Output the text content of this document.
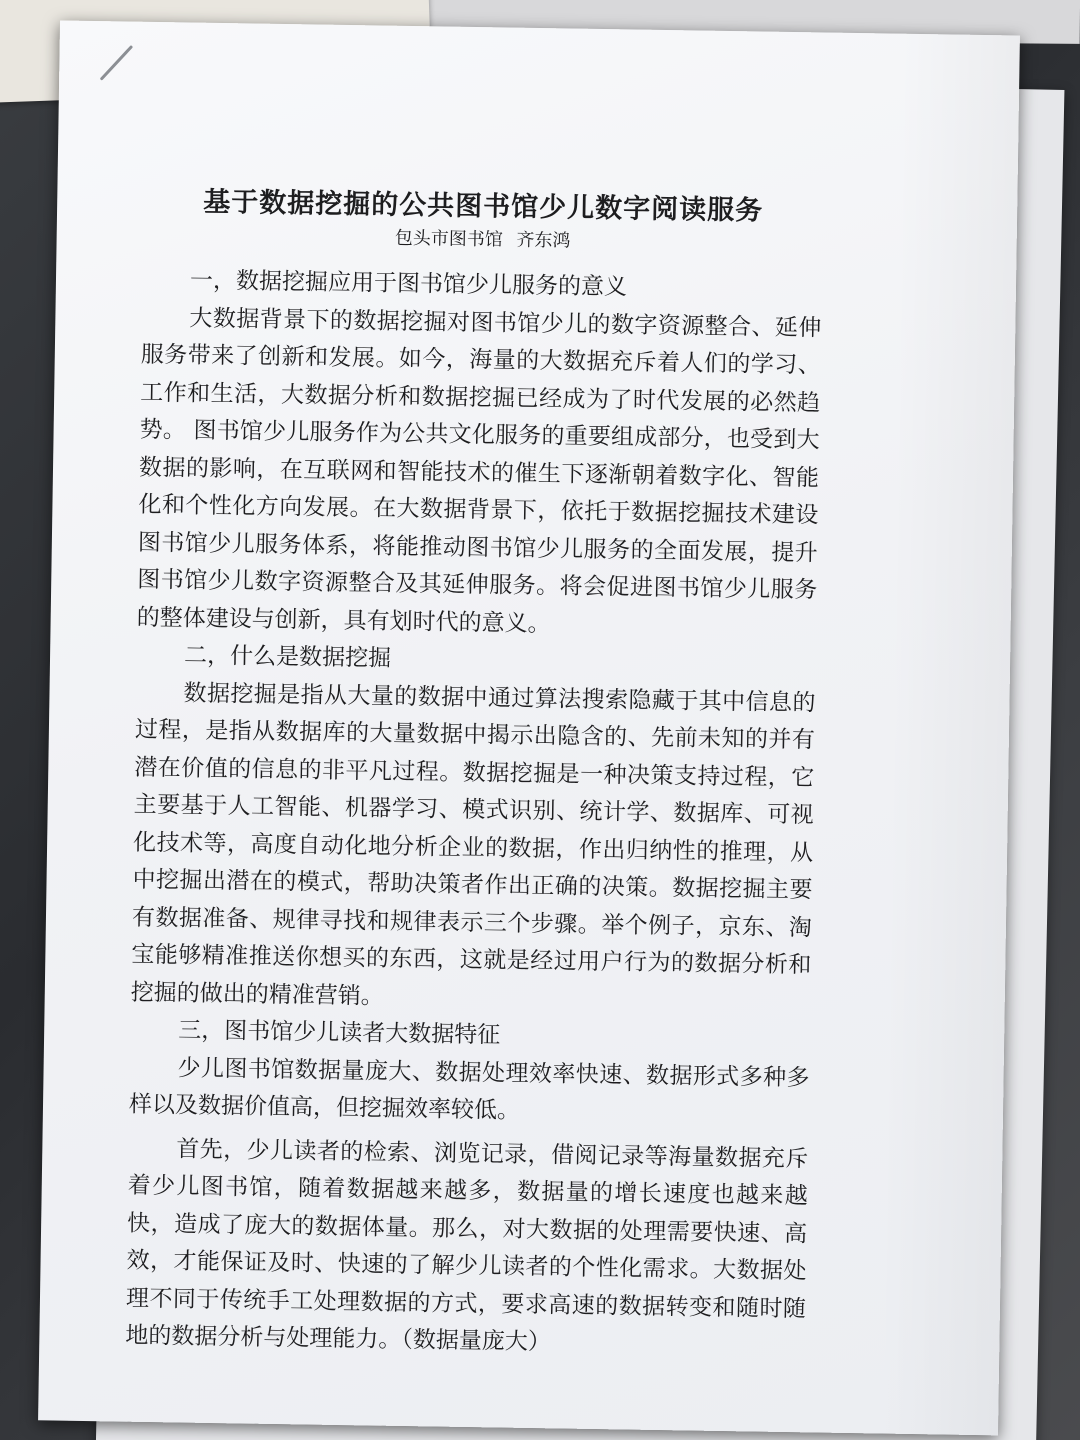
基于数据挖掘的公共图书馆少儿数字阅读服务

包头市图书馆 齐东鸿

一，数据挖掘应用于图书馆少儿服务的意义

大数据背景下的数据挖掘对图书馆少儿的数字资源整合、延伸服务带来了创新和发展。如今，海量的大数据充斥着人们的学习、工作和生活，大数据分析和数据挖掘已经成为了时代发展的必然趋势。 图书馆少儿服务作为公共文化服务的重要组成部分，也受到大数据的影响，在互联网和智能技术的催生下逐渐朝着数字化、智能化和个性化方向发展。在大数据背景下，依托于数据挖掘技术建设图书馆少儿服务体系，将能推动图书馆少儿服务的全面发展，提升图书馆少儿数字资源整合及其延伸服务。将会促进图书馆少儿服务的整体建设与创新，具有划时代的意义。

二，什么是数据挖掘

数据挖掘是指从大量的数据中通过算法搜索隐藏于其中信息的过程，是指从数据库的大量数据中揭示出隐含的、先前未知的并有潜在价值的信息的非平凡过程。数据挖掘是一种决策支持过程，它主要基于人工智能、机器学习、模式识别、统计学、数据库、可视化技术等，高度自动化地分析企业的数据，作出归纳性的推理，从中挖掘出潜在的模式，帮助决策者作出正确的决策。数据挖掘主要有数据准备、规律寻找和规律表示三个步骤。举个例子，京东、淘宝能够精准推送你想买的东西，这就是经过用户行为的数据分析和挖掘的做出的精准营销。

三，图书馆少儿读者大数据特征

少儿图书馆数据量庞大、数据处理效率快速、数据形式多种多样以及数据价值高，但挖掘效率较低。

首先，少儿读者的检索、浏览记录，借阅记录等海量数据充斥着少儿图书馆，随着数据越来越多，数据量的增长速度也越来越快，造成了庞大的数据体量。那么，对大数据的处理需要快速、高效，才能保证及时、快速的了解少儿读者的个性化需求。大数据处理不同于传统手工处理数据的方式，要求高速的数据转变和随时随地的数据分析与处理能力。（数据量庞大）
